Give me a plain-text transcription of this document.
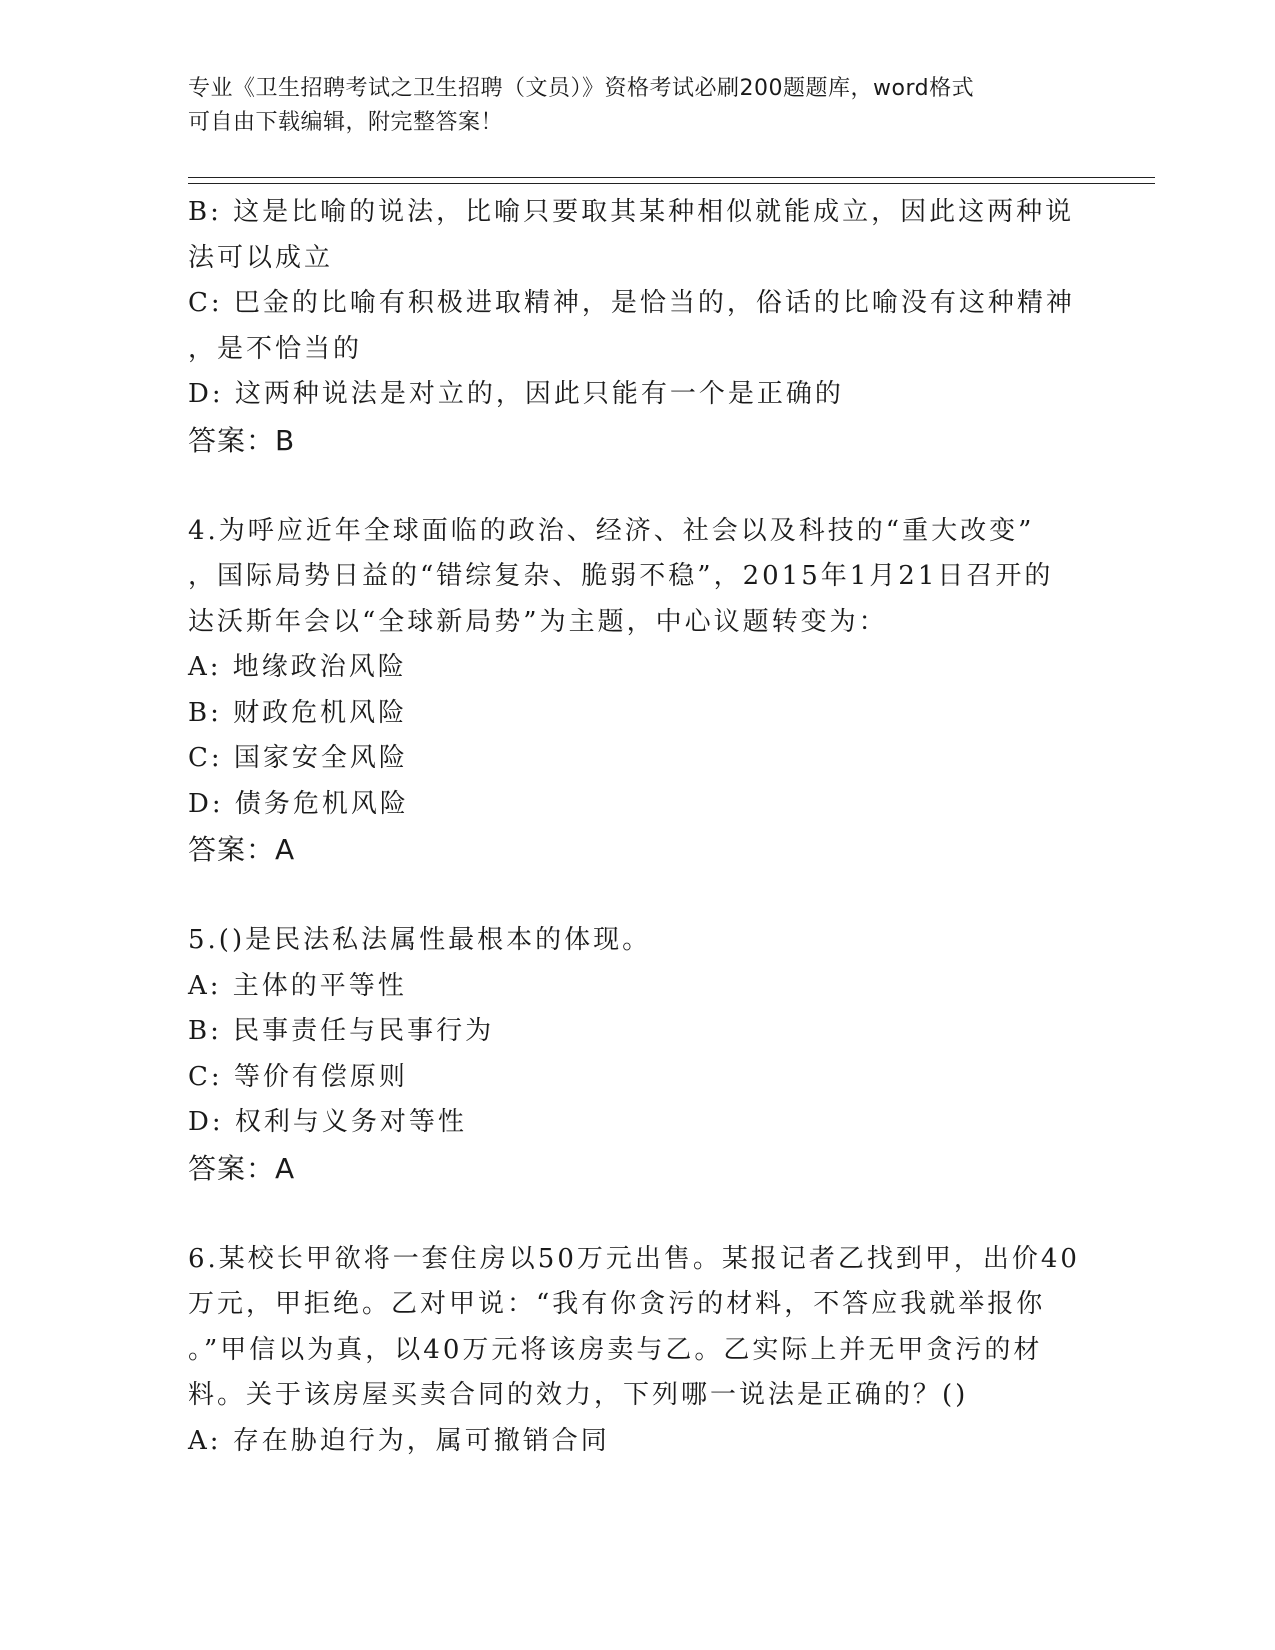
专业《卫生招聘考试之卫生招聘（文员）》资格考试必刷200题题库，word格式
可自由下载编辑，附完整答案！
B: 这是比喻的说法，比喻只要取其某种相似就能成立，因此这两种说
法可以成立
C: 巴金的比喻有积极进取精神，是恰当的，俗话的比喻没有这种精神
，是不恰当的
D: 这两种说法是对立的，因此只能有一个是正确的
答案：B
4.为呼应近年全球面临的政治、经济、社会以及科技的“重大改变”
，国际局势日益的“错综复杂、脆弱不稳”，2015年1月21日召开的
达沃斯年会以“全球新局势”为主题，中心议题转变为：
A: 地缘政治风险
B: 财政危机风险
C: 国家安全风险
D: 债务危机风险
答案：A
5.()是民法私法属性最根本的体现。
A: 主体的平等性
B: 民事责任与民事行为
C: 等价有偿原则
D: 权利与义务对等性
答案：A
6.某校长甲欲将一套住房以50万元出售。某报记者乙找到甲，出价40
万元，甲拒绝。乙对甲说：“我有你贪污的材料，不答应我就举报你
。”甲信以为真，以40万元将该房卖与乙。乙实际上并无甲贪污的材
料。关于该房屋买卖合同的效力，下列哪一说法是正确的？()
A: 存在胁迫行为，属可撤销合同
